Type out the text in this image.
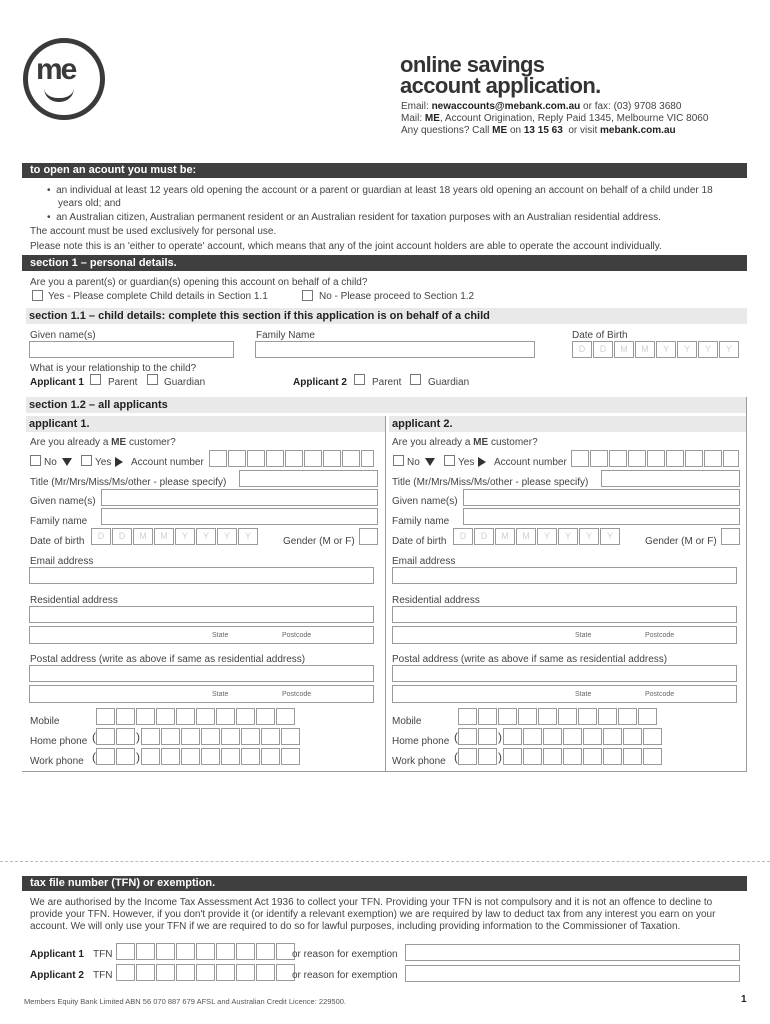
me	online savings
account application.
Email: newaccounts@mebank.com.au or fax: (03) 9708 3680
Mail: ME, Account Origination, Reply Paid 1345, Melbourne VIC 8060
Any questions? Call ME on 13 15 63  or visit mebank.com.au
to open an acount you must be:
•  an individual at least 12 years old opening the account or a parent or guardian at least 18 years old opening an account on behalf of a child under 18
years old; and
•  an Australian citizen, Australian permanent resident or an Australian resident for taxation purposes with an Australian residential address.
The account must be used exclusively for personal use.
Please note this is an 'either to operate' account, which means that any of the joint account holders are able to operate the account individually.
section 1 – personal details.
Are you a parent(s) or guardian(s) opening this account on behalf of a child?
Yes - Please complete Child details in Section 1.1	No - Please proceed to Section 1.2
section 1.1 – child details: complete this section if this application is on behalf of a child
Given name(s)	Family Name	Date of Birth
D	D	M	M	Y	Y	Y	Y
What is your relationship to the child?
Applicant 1 Parent	Guardian	Applicant 2	Parent	Guardian
section 1.2 – all applicants
applicant 1.	applicant 2.
Are you already a ME customer?
No	Yes Account number
Title (Mr/Mrs/Miss/Ms/other - please specify)
Given name(s)
Family name
Date of birth	D	D	M	M	Y	Y	Y	Y	Gender (M or F)
Email address
Residential address
State	Postcode
Postal address (write as above if same as residential address)
State	Postcode
Mobile
Home phone (	)
Work phone (	)
Are you already a ME customer?
No	Yes Account number
Title (Mr/Mrs/Miss/Ms/other - please specify)
Given name(s)
Family name
Date of birth	D	D	M	M	Y	Y	Y	Y	Gender (M or F)
Email address
Residential address
State	Postcode
Postal address (write as above if same as residential address)
State	Postcode
Mobile
Home phone (	)
Work phone (	)
tax file number (TFN) or exemption.
We are authorised by the Income Tax Assessment Act 1936 to collect your TFN. Providing your TFN is not compulsory and it is not an offence to decline to
provide your TFN. However, if you don't provide it (or identify a relevant exemption) we are required by law to deduct tax from any interest you earn on your
account. We will only use your TFN if we are required to do so for lawful purposes, including providing information to the Commissioner of Taxation.
Applicant 1 TFN	or reason for exemption
Applicant 2 TFN	or reason for exemption
Members Equity Bank Limited ABN 56 070 887 679 AFSL and Australian Credit Licence: 229500.	1
